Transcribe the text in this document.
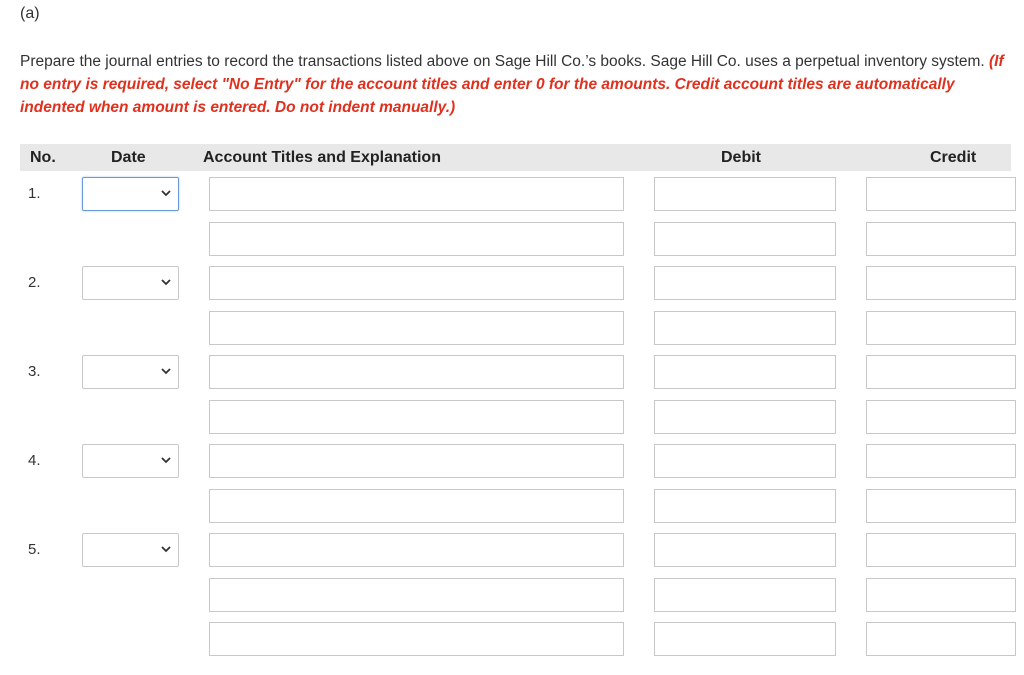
(a)
Prepare the journal entries to record the transactions listed above on Sage Hill Co.’s books. Sage Hill Co. uses a perpetual inventory system. (If no entry is required, select "No Entry" for the account titles and enter 0 for the amounts. Credit account titles are automatically indented when amount is entered. Do not indent manually.)
No.	Date	Account Titles and Explanation	Debit	Credit
1.
2.
3.
4.
5.
